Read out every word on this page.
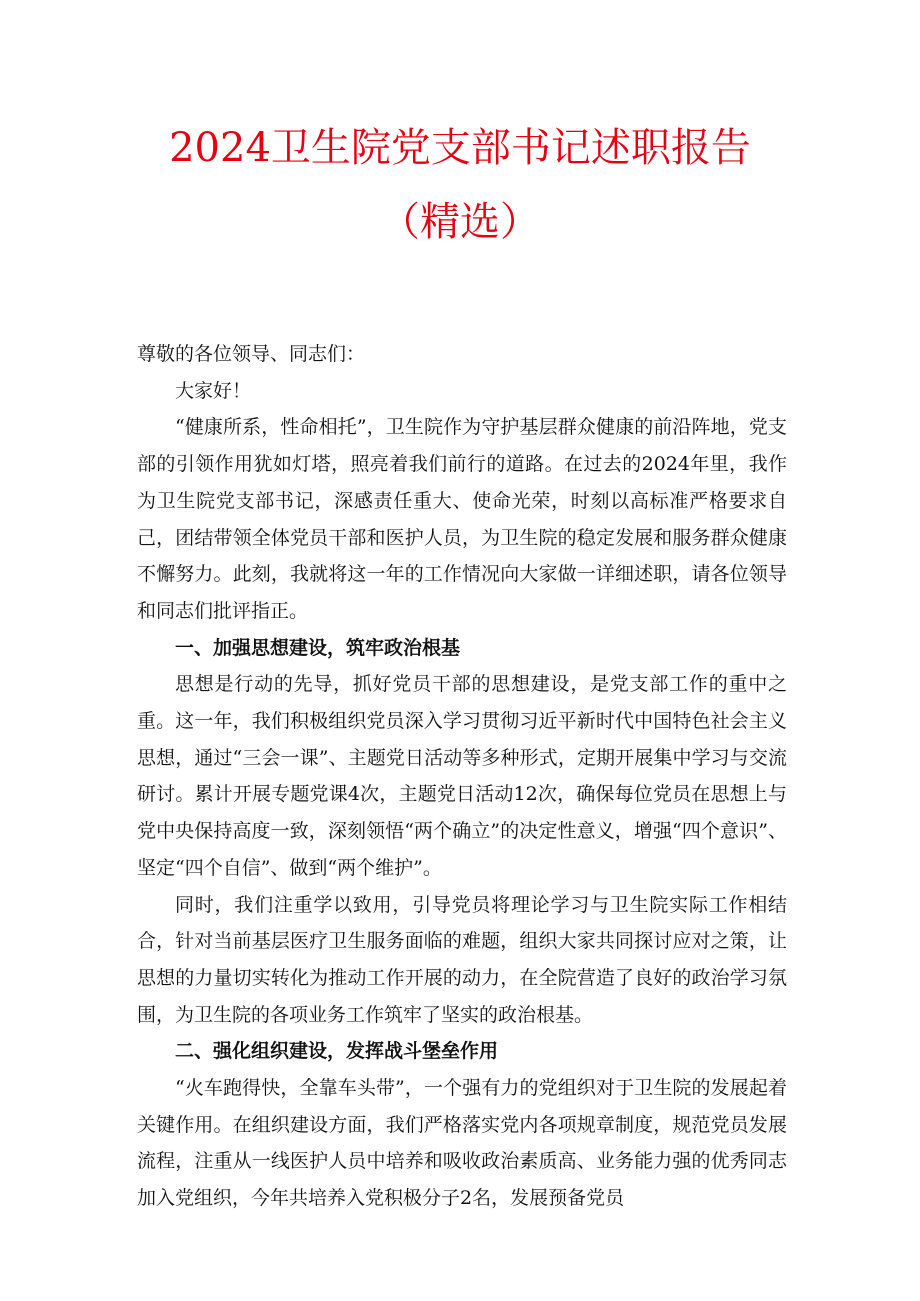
2024卫生院党支部书记述职报告
（精选）

尊敬的各位领导、同志们：

大家好！

“健康所系，性命相托”，卫生院作为守护基层群众健康的前沿阵地，党支部的引领作用犹如灯塔，照亮着我们前行的道路。在过去的2024年里，我作为卫生院党支部书记，深感责任重大、使命光荣，时刻以高标准严格要求自己，团结带领全体党员干部和医护人员，为卫生院的稳定发展和服务群众健康不懈努力。此刻，我就将这一年的工作情况向大家做一详细述职，请各位领导和同志们批评指正。

一、加强思想建设，筑牢政治根基

思想是行动的先导，抓好党员干部的思想建设，是党支部工作的重中之重。这一年，我们积极组织党员深入学习贯彻习近平新时代中国特色社会主义思想，通过“三会一课”、主题党日活动等多种形式，定期开展集中学习与交流研讨。累计开展专题党课4次，主题党日活动12次，确保每位党员在思想上与党中央保持高度一致，深刻领悟“两个确立”的决定性意义，增强“四个意识”、坚定“四个自信”、做到“两个维护”。

同时，我们注重学以致用，引导党员将理论学习与卫生院实际工作相结合，针对当前基层医疗卫生服务面临的难题，组织大家共同探讨应对之策，让思想的力量切实转化为推动工作开展的动力，在全院营造了良好的政治学习氛围，为卫生院的各项业务工作筑牢了坚实的政治根基。

二、强化组织建设，发挥战斗堡垒作用

“火车跑得快，全靠车头带”，一个强有力的党组织对于卫生院的发展起着关键作用。在组织建设方面，我们严格落实党内各项规章制度，规范党员发展流程，注重从一线医护人员中培养和吸收政治素质高、业务能力强的优秀同志加入党组织，今年共培养入党积极分子2名，发展预备党员
